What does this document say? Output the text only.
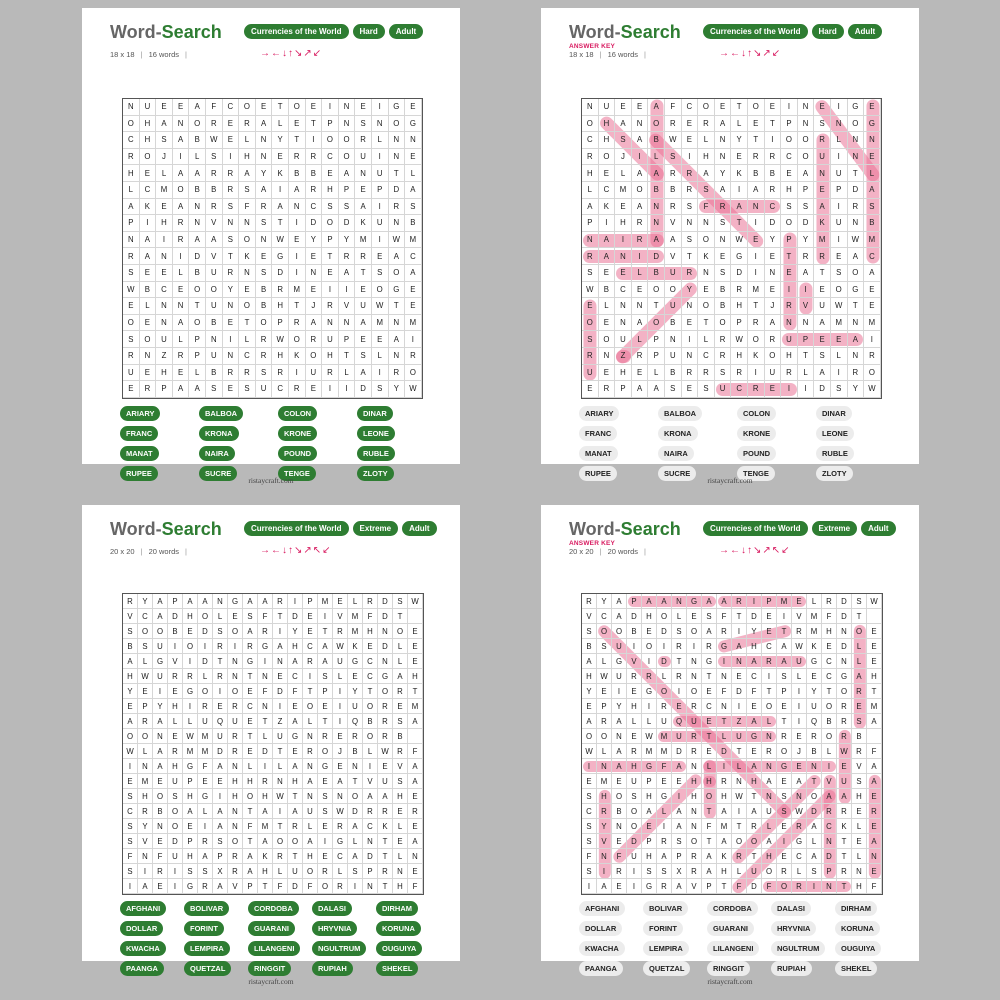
Word-Search	Currencies of the World	Hard	Adult
18 x 18 | 16 words |	→←↓↑↘↗↙
N	U	E	E	A	F	C	O	E	T	O	E	I	N	E	I	G	E
O	H	A	N	O	R	E	R	A	L	E	T	P	N	S	N	O	G
C	H	S	A	B	W	E	L	N	Y	T	I	O	O	R	L	N	N
R	O	J	I	L	S	I	H	N	E	R	R	C	O	U	I	N	E
H	E	L	A	A	R	R	A	Y	K	B	B	E	A	N	U	T	L
L	C	M	O	B	B	R	S	A	I	A	R	H	P	E	P	D	A
A	K	E	A	N	R	S	F	R	A	N	C	S	S	A	I	R	S
P	I	H	R	N	V	N	N	S	T	I	D	O	D	K	U	N	B
N	A	I	R	A	A	S	O	N	W	E	Y	P	Y	M	I	W	M
R	A	N	I	D	V	T	K	E	G	I	E	T	R	R	E	A	C
S	E	E	L	B	U	R	N	S	D	I	N	E	A	T	S	O	A
W	B	C	E	O	O	Y	E	B	R	M	E	I	I	E	O	G	E
E	L	N	N	T	U	N	O	B	H	T	J	R	V	U	W	T	E
O	E	N	A	O	B	E	T	O	P	R	A	N	N	A	M	N	M
S	O	U	L	P	N	I	L	R	W	O	R	U	P	E	E	A	I
R	N	Z	R	P	U	N	C	R	H	K	O	H	T	S	L	N	R
U	E	H	E	L	B	R	R	S	R	I	U	R	L	A	I	R	O
E	R	P	A	A	S	E	S	U	C	R	E	I	I	D	S	Y	W
ARIARY	BALBOA	COLON	DINAR
FRANC	KRONA	KRONE	LEONE
MANAT	NAIRA	POUND	RUBLE
RUPEE	SUCRE	TENGE	ZLOTY
ristaycraft.com
Word-Search	Currencies of the World	Hard	Adult
ANSWER KEY
18 x 18 | 16 words |	→←↓↑↘↗↙
N	U	E	E	A	F	C	O	E	T	O	E	I	N	E	I	G	E
O	H	A	N	O	R	E	R	A	L	E	T	P	N	S	N	O	G
C	H	S	A	B	W	E	L	N	Y	T	I	O	O	R	L	N	N
R	O	J	I	L	S	I	H	N	E	R	R	C	O	U	I	N	E
H	E	L	A	A	R	R	A	Y	K	B	B	E	A	N	U	T	L
L	C	M	O	B	B	R	S	A	I	A	R	H	P	E	P	D	A
A	K	E	A	N	R	S	F	R	A	N	C	S	S	A	I	R	S
P	I	H	R	N	V	N	N	S	T	I	D	O	D	K	U	N	B
N	A	I	R	A	A	S	O	N	W	E	Y	P	Y	M	I	W	M
R	A	N	I	D	V	T	K	E	G	I	E	T	R	R	E	A	C
S	E	E	L	B	U	R	N	S	D	I	N	E	A	T	S	O	A
W	B	C	E	O	O	Y	E	B	R	M	E	I	I	E	O	G	E
E	L	N	N	T	U	N	O	B	H	T	J	R	V	U	W	T	E
O	E	N	A	O	B	E	T	O	P	R	A	N	N	A	M	N	M
S	O	U	L	P	N	I	L	R	W	O	R	U	P	E	E	A	I
R	N	Z	R	P	U	N	C	R	H	K	O	H	T	S	L	N	R
U	E	H	E	L	B	R	R	S	R	I	U	R	L	A	I	R	O
E	R	P	A	A	S	E	S	U	C	R	E	I	I	D	S	Y	W
ARIARY	BALBOA	COLON	DINAR
FRANC	KRONA	KRONE	LEONE
MANAT	NAIRA	POUND	RUBLE
RUPEE	SUCRE	TENGE	ZLOTY
ristaycraft.com
Word-Search	Currencies of the World	Extreme	Adult
20 x 20 | 20 words |	→←↓↑↘↗↖↙
R	Y	A	P	A	A	N	G	A	A	R	I	P	M	E	L	R	D	S	W
V	C	A	D	H	O	L	E	S	F	T	D	E	I	V	M	F	D	T
S	O	O	B	E	D	S	O	A	R	I	Y	E	T	R	M	H	N	O	E
B	S	U	I	O	I	R	I	R	G	A	H	C	A	W	K	E	D	L	E
A	L	G	V	I	D	T	N	G	I	N	A	R	A	U	G	C	N	L	E
H	W	U	R	R	L	R	N	T	N	E	C	I	S	L	E	C	G	A	H
Y	E	I	E	G	O	I	O	E	F	D	F	T	P	I	Y	T	O	R	T
E	P	Y	H	I	R	E	R	C	N	I	E	O	E	I	U	O	R	E	M
A	R	A	L	L	U	Q	U	E	T	Z	A	L	T	I	Q	B	R	S	A
O	O	N	E	W	M	U	R	T	L	U	G	N	R	E	R	O	R	B
W	L	A	R	M	M	D	R	E	D	T	E	R	O	J	B	L	W	R	F
I	N	A	H	G	F	A	N	L	I	L	A	N	G	E	N	I	E	V	A
E	M	E	U	P	E	E	H	H	R	N	H	A	E	A	T	V	U	S	A
S	H	O	S	H	G	I	H	O	H	W	T	N	S	N	O	A	A	H	E
C	R	B	O	A	L	A	N	T	A	I	A	U	S	W	D	R	R	E	R
S	Y	N	O	E	I	A	N	F	M	T	R	L	E	R	A	C	K	L	E
S	V	E	D	P	R	S	O	T	A	O	O	A	I	G	L	N	T	E	A
F	N	F	U	H	A	P	R	A	K	R	T	H	E	C	A	D	T	L	N
S	I	R	I	S	S	X	R	A	H	L	U	O	R	L	S	P	R	N	E
I	A	E	I	G	R	A	V	P	T	F	D	F	O	R	I	N	T	H	F
AFGHANI	BOLIVAR	CORDOBA	DALASI	DIRHAM
DOLLAR	FORINT	GUARANI	HRYVNIA	KORUNA
KWACHA	LEMPIRA	LILANGENI	NGULTRUM	OUGUIYA
PAANGA	QUETZAL	RINGGIT	RUPIAH	SHEKEL
ristaycraft.com
Word-Search	Currencies of the World	Extreme	Adult
ANSWER KEY
20 x 20 | 20 words |	→←↓↑↘↗↖↙
R	Y	A	P	A	A	N	G	A	A	R	I	P	M	E	L	R	D	S	W
V	C	A	D	H	O	L	E	S	F	T	D	E	I	V	M	F	D	T
S	O	O	B	E	D	S	O	A	R	I	Y	E	T	R	M	H	N	O	E
B	S	U	I	O	I	R	I	R	G	A	H	C	A	W	K	E	D	L	E
A	L	G	V	I	D	T	N	G	I	N	A	R	A	U	G	C	N	L	E
H	W	U	R	R	L	R	N	T	N	E	C	I	S	L	E	C	G	A	H
Y	E	I	E	G	O	I	O	E	F	D	F	T	P	I	Y	T	O	R	T
E	P	Y	H	I	R	E	R	C	N	I	E	O	E	I	U	O	R	E	M
A	R	A	L	L	U	Q	U	E	T	Z	A	L	T	I	Q	B	R	S	A
O	O	N	E	W	M	U	R	T	L	U	G	N	R	E	R	O	R	B
W	L	A	R	M	M	D	R	E	D	T	E	R	O	J	B	L	W	R	F
I	N	A	H	G	F	A	N	L	I	L	A	N	G	E	N	I	E	V	A
E	M	E	U	P	E	E	H	H	R	N	H	A	E	A	T	V	U	S	A
S	H	O	S	H	G	I	H	O	H	W	T	N	S	N	O	A	A	H	E
C	R	B	O	A	L	A	N	T	A	I	A	U	S	W	D	R	R	E	R
S	Y	N	O	E	I	A	N	F	M	T	R	L	E	R	A	C	K	L	E
S	V	E	D	P	R	S	O	T	A	O	O	A	I	G	L	N	T	E	A
F	N	F	U	H	A	P	R	A	K	R	T	H	E	C	A	D	T	L	N
S	I	R	I	S	S	X	R	A	H	L	U	O	R	L	S	P	R	N	E
I	A	E	I	G	R	A	V	P	T	F	D	F	O	R	I	N	T	H	F
AFGHANI	BOLIVAR	CORDOBA	DALASI	DIRHAM
DOLLAR	FORINT	GUARANI	HRYVNIA	KORUNA
KWACHA	LEMPIRA	LILANGENI	NGULTRUM	OUGUIYA
PAANGA	QUETZAL	RINGGIT	RUPIAH	SHEKEL
ristaycraft.com
